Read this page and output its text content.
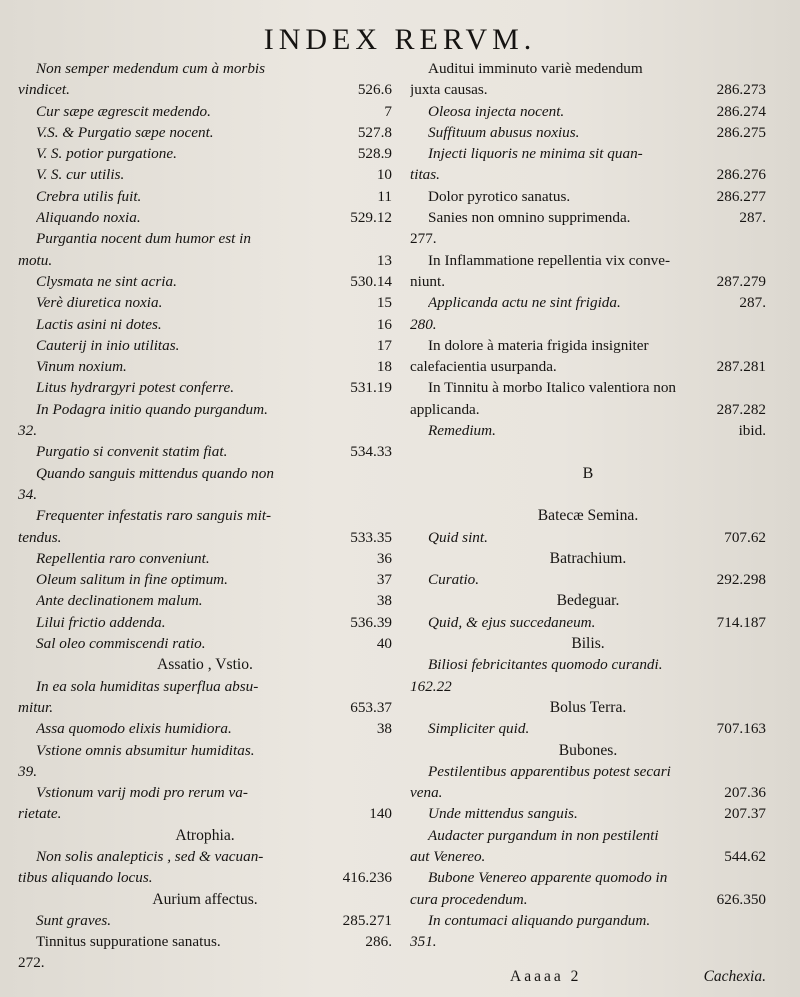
INDEX RERVM.
Non semper medendum cum à morbis
vindicet.	526.6
Cur sæpe ægrescit medendo.	7
V.S. & Purgatio sæpe nocent.	527.8
V. S. potior purgatione.	528.9
V. S. cur utilis.	10
Crebra utilis fuit.	11
Aliquando noxia.	529.12
Purgantia nocent dum humor est in
motu.	13
Clysmata ne sint acria.	530.14
Verè diuretica noxia.	15
Lactis asini ni dotes.	16
Cauterij in inio utilitas.	17
Vinum noxium.	18
Litus hydrargyri potest conferre.	531.19
In Podagra initio quando purgandum.
32.
Purgatio si convenit statim fiat.	534.33
Quando sanguis mittendus quando non
34.
Frequenter infestatis raro sanguis mit-
tendus.	533.35
Repellentia raro conveniunt.	36
Oleum salitum in fine optimum.	37
Ante declinationem malum.	38
Lilui frictio addenda.	536.39
Sal oleo commiscendi ratio.	40
Assatio , Vstio.
In ea sola humiditas superflua absu-
mitur.	653.37
Assa quomodo elixis humidiora.	38
Vstione omnis absumitur humiditas.
39.
Vstionum varij modi pro rerum va-
rietate.	140
Atrophia.
Non solis analepticis , sed & vacuan-
tibus aliquando locus.	416.236
Aurium affectus.
Sunt graves.	285.271
Tinnitus suppuratione sanatus.	286.
272.
Auditui imminuto variè medendum
juxta causas.	286.273
Oleosa injecta nocent.	286.274
Suffituum abusus noxius.	286.275
Injecti liquoris ne minima sit quan-
titas.	286.276
Dolor pyrotico sanatus.	286.277
Sanies non omnino supprimenda.	287.
277.
In Inflammatione repellentia vix conve-
niunt.	287.279
Applicanda actu ne sint frigida.	287.
280.
In dolore à materia frigida insigniter
calefacientia usurpanda.	287.281
In Tinnitu à morbo Italico valentiora non
applicanda.	287.282
Remedium.	ibid.
B
Batecæ Semina.
Quid sint.	707.62
Batrachium.
Curatio.	292.298
Bedeguar.
Quid, & ejus succedaneum.	714.187
Bilis.
Biliosi febricitantes quomodo curandi.
162.22
Bolus Terra.
Simpliciter quid.	707.163
Bubones.
Pestilentibus apparentibus potest secari
vena.	207.36
Unde mittendus sanguis.	207.37
Audacter purgandum in non pestilenti
aut Venereo.	544.62
Bubone Venereo apparente quomodo in
cura procedendum.	626.350
In contumaci aliquando purgandum.
351.
Aaaaa 2	Cachexia.
